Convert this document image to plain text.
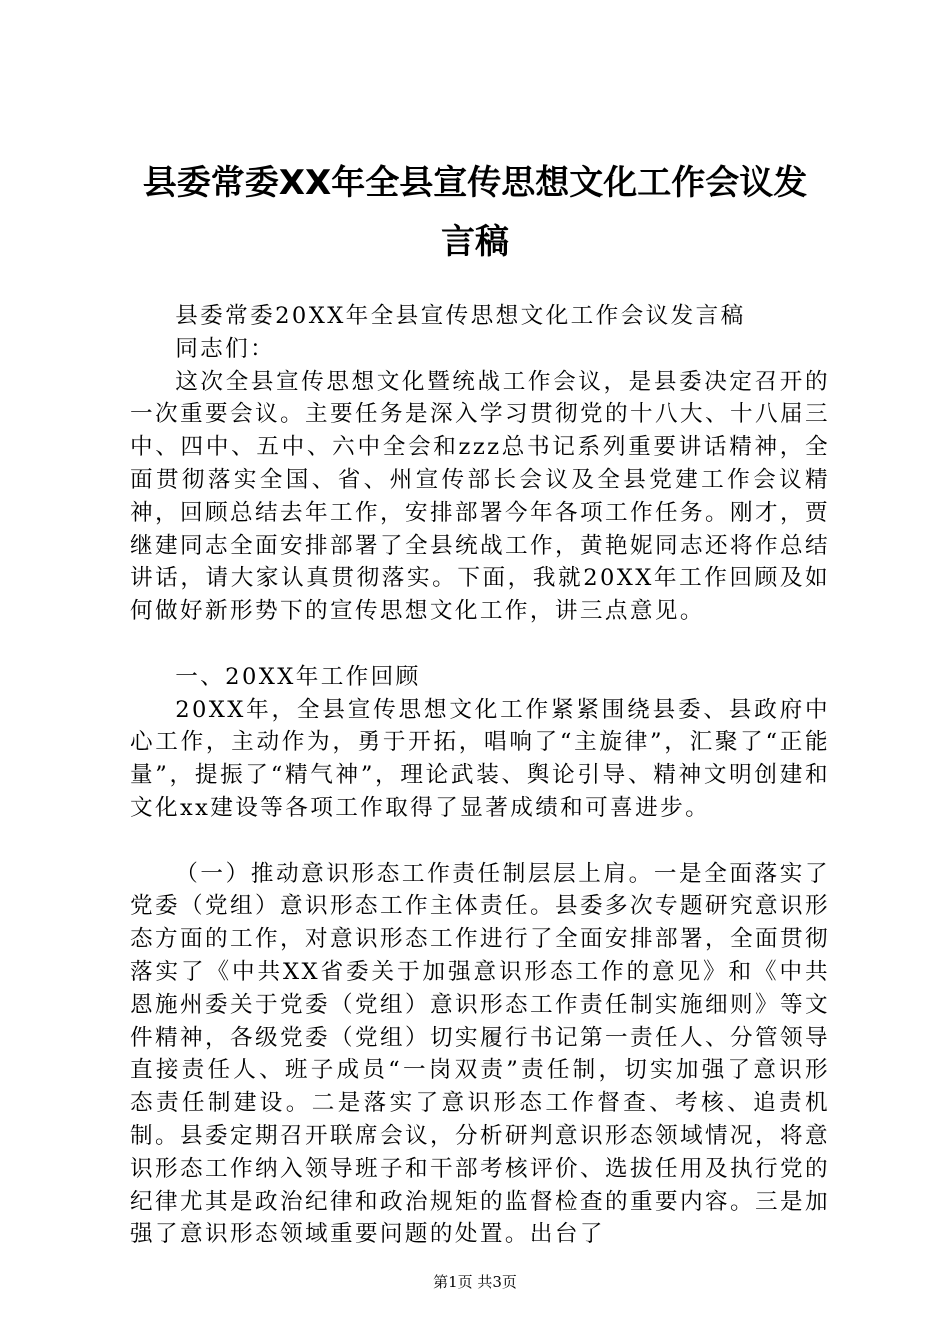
县委常委XX年全县宣传思想文化工作会议发
言稿

县委常委20XX年全县宣传思想文化工作会议发言稿

同志们：

这次全县宣传思想文化暨统战工作会议，是县委决定召开的一次重要会议。主要任务是深入学习贯彻党的十八大、十八届三中、四中、五中、六中全会和zzz总书记系列重要讲话精神，全面贯彻落实全国、省、州宣传部长会议及全县党建工作会议精神，回顾总结去年工作，安排部署今年各项工作任务。刚才，贾继建同志全面安排部署了全县统战工作，黄艳妮同志还将作总结讲话，请大家认真贯彻落实。下面，我就20XX年工作回顾及如何做好新形势下的宣传思想文化工作，讲三点意见。

一、20XX年工作回顾

20XX年，全县宣传思想文化工作紧紧围绕县委、县政府中心工作，主动作为，勇于开拓，唱响了“主旋律”，汇聚了“正能量”，提振了“精气神”，理论武装、舆论引导、精神文明创建和文化xx建设等各项工作取得了显著成绩和可喜进步。

（一）推动意识形态工作责任制层层上肩。一是全面落实了党委（党组）意识形态工作主体责任。县委多次专题研究意识形态方面的工作，对意识形态工作进行了全面安排部署，全面贯彻落实了《中共XX省委关于加强意识形态工作的意见》和《中共恩施州委关于党委（党组）意识形态工作责任制实施细则》等文件精神，各级党委（党组）切实履行书记第一责任人、分管领导直接责任人、班子成员“一岗双责”责任制，切实加强了意识形态责任制建设。二是落实了意识形态工作督查、考核、追责机制。县委定期召开联席会议，分析研判意识形态领域情况，将意识形态工作纳入领导班子和干部考核评价、选拔任用及执行党的纪律尤其是政治纪律和政治规矩的监督检查的重要内容。三是加强了意识形态领域重要问题的处置。出台了

第1页 共3页
